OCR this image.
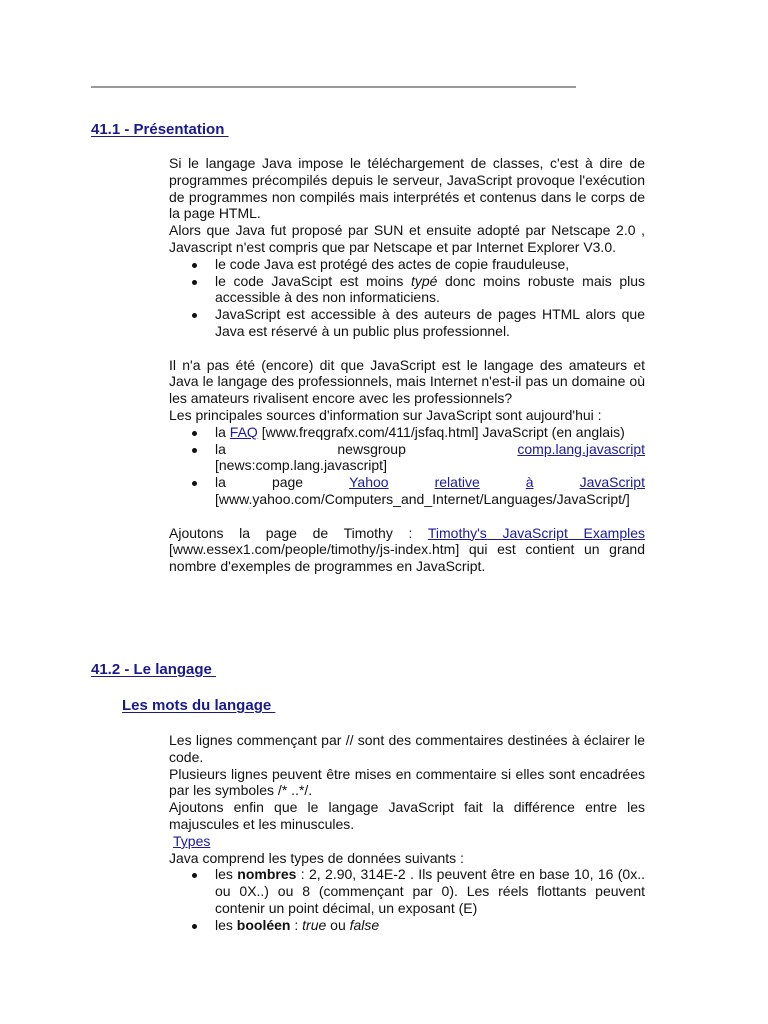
41.1 - Présentation

Si le langage Java impose le téléchargement de classes, c'est à dire de programmes précompilés depuis le serveur, JavaScript provoque l'exécution de programmes non compilés mais interprétés et contenus dans le corps de la page HTML.

Alors que Java fut proposé par SUN et ensuite adopté par Netscape 2.0 , Javascript n'est compris que par Netscape et par Internet Explorer V3.0.

le code Java est protégé des actes de copie frauduleuse,
le code JavaScipt est moins typé donc moins robuste mais plus accessible à des non informaticiens.
JavaScript est accessible à des auteurs de pages HTML alors que Java est réservé à un public plus professionnel.

Il n'a pas été (encore) dit que JavaScript est le langage des amateurs et Java le langage des professionnels, mais Internet n'est-il pas un domaine où les amateurs rivalisent encore avec les professionnels?

Les principales sources d'information sur JavaScript sont aujourd'hui :

la FAQ [www.freqgrafx.com/411/jsfaq.html] JavaScript (en anglais)
la	newsgroup	comp.lang.javascript
[news:comp.lang.javascript]
la	page	Yahoo	relative	à	JavaScript
[www.yahoo.com/Computers_and_Internet/Languages/JavaScript/]

Ajoutons la page de Timothy : Timothy's JavaScript Examples [www.essex1.com/people/timothy/js-index.htm] qui est contient un grand nombre d'exemples de programmes en JavaScript.

41.2 - Le langage
Les mots du langage

Les lignes commençant par // sont des commentaires destinées à éclairer le code.

Plusieurs lignes peuvent être mises en commentaire si elles sont encadrées par les symboles /* ..*/.

Ajoutons enfin que le langage JavaScript fait la différence entre les majuscules et les minuscules.

Types

Java comprend les types de données suivants :

les nombres : 2, 2.90, 314E-2 . Ils peuvent être en base 10, 16 (0x.. ou 0X..) ou 8 (commençant par 0). Les réels flottants peuvent contenir un point décimal, un exposant (E)
les booléen : true ou false
